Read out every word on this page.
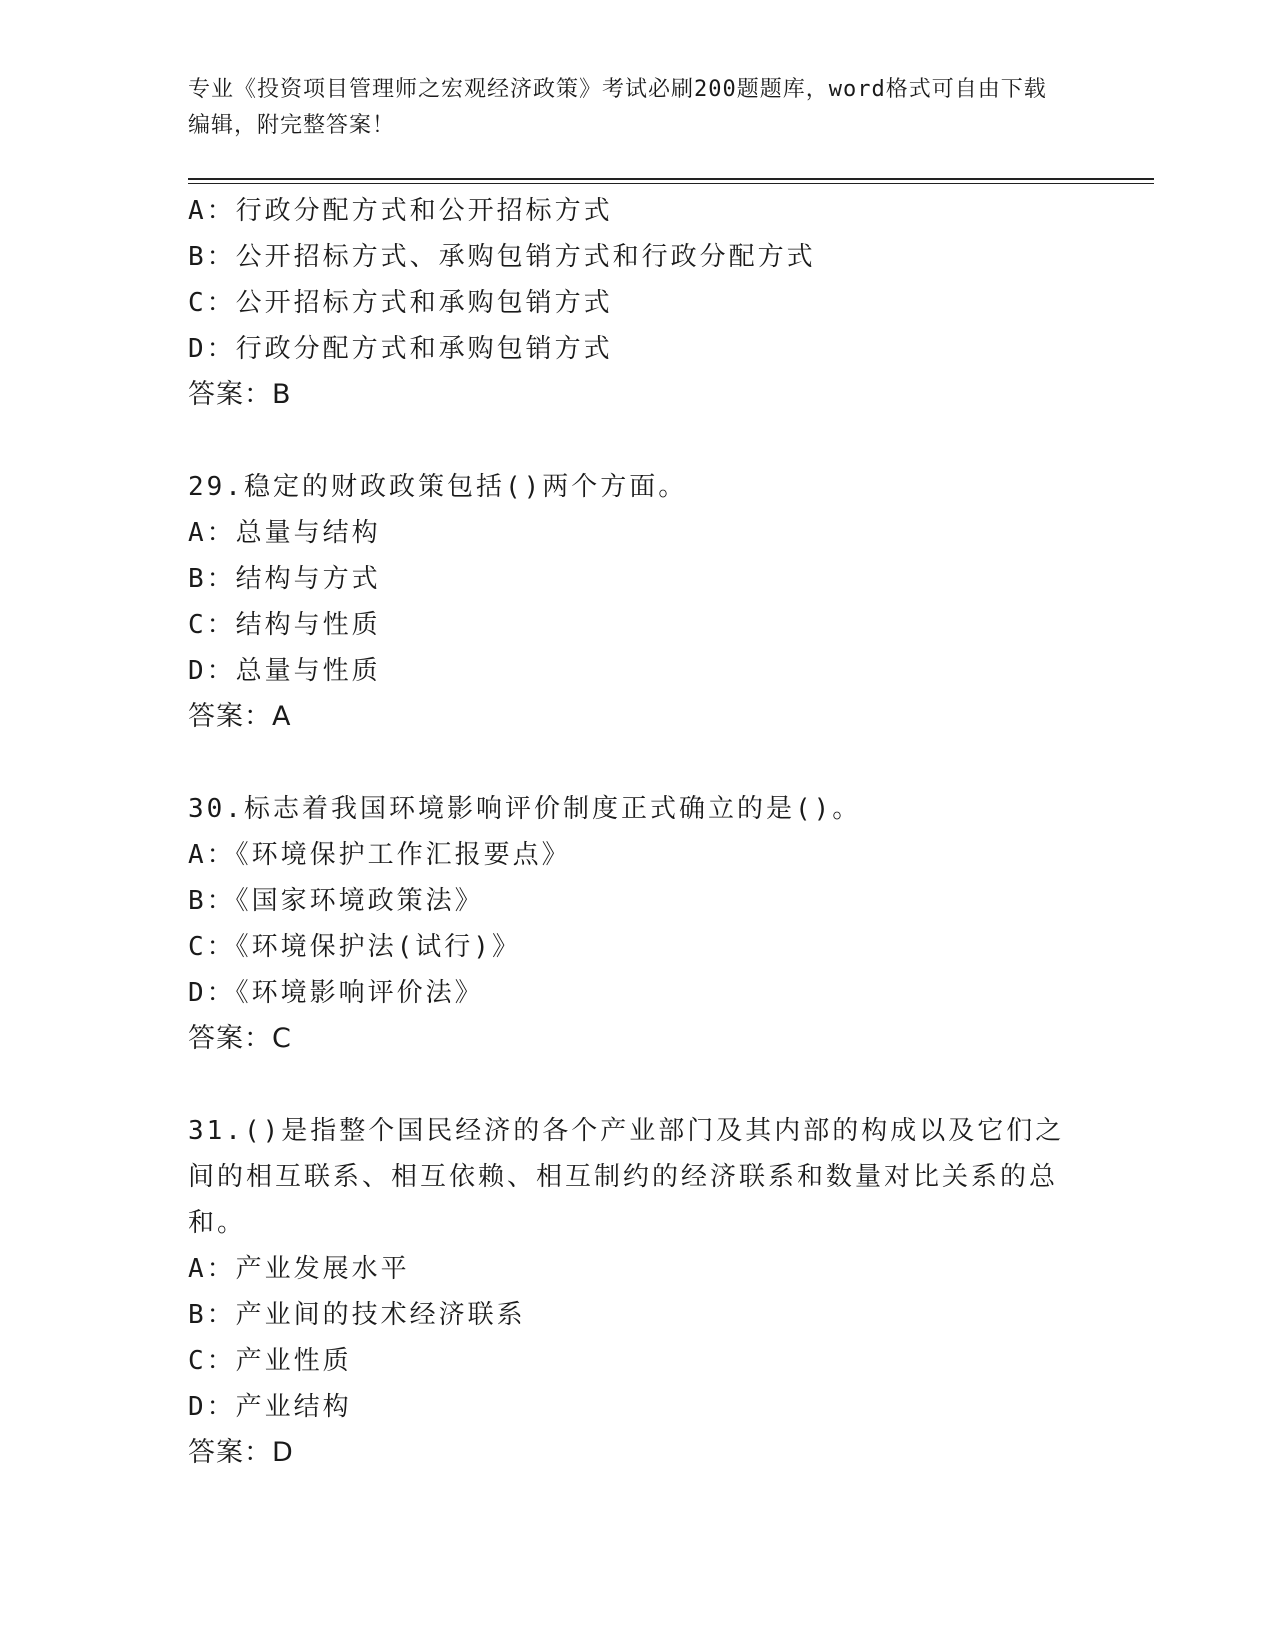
专业《投资项目管理师之宏观经济政策》考试必刷200题题库，word格式可自由下载编辑，附完整答案！
A：行政分配方式和公开招标方式
B：公开招标方式、承购包销方式和行政分配方式
C：公开招标方式和承购包销方式
D：行政分配方式和承购包销方式
答案：B
29.稳定的财政政策包括()两个方面。
A：总量与结构
B：结构与方式
C：结构与性质
D：总量与性质
答案：A
30.标志着我国环境影响评价制度正式确立的是()。
A：《环境保护工作汇报要点》
B：《国家环境政策法》
C：《环境保护法(试行)》
D：《环境影响评价法》
答案：C
31.()是指整个国民经济的各个产业部门及其内部的构成以及它们之间的相互联系、相互依赖、相互制约的经济联系和数量对比关系的总和。
A：产业发展水平
B：产业间的技术经济联系
C：产业性质
D：产业结构
答案：D
